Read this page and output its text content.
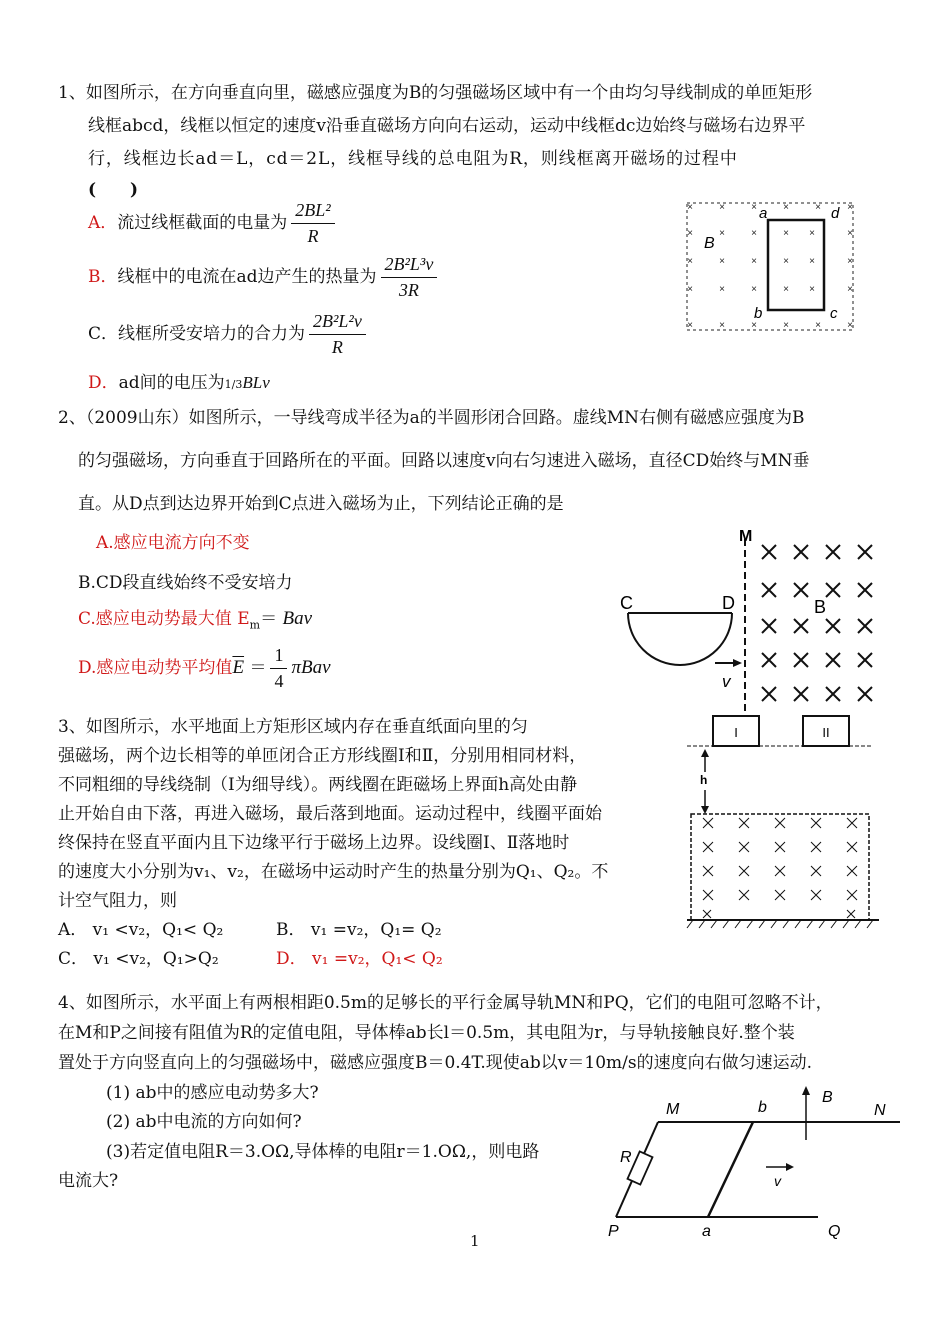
1、如图所示，在方向垂直向里，磁感应强度为B的匀强磁场区域中有一个由均匀导线制成的单匝矩形
线框abcd，线框以恒定的速度v沿垂直磁场方向向右运动，运动中线框dc边始终与磁场右边界平
行，线框边长ad＝L，cd＝2L，线框导线的总电阻为R，则线框离开磁场的过程中
(　　)
A．流过线框截面的电量为 $\frac{\text{2BL²}}{R}$
B．线框中的电流在ad边产生的热量为 $\frac{\text{2B²L³v}}{3R}$
C．线框所受安培力的合力为 $\frac{\text{2B²L²v}}{R}$
D．ad间的电压为1/3BLv
×	×	×	×	×	×
×	×	×	× ×	×
×	×	×	× ×	×
×	×	×	× ×	×
×	×	×	×	×	×
a	d
b	c
B
2、（2009山东）如图所示，一导线弯成半径为a的半圆形闭合回路。虚线MN右侧有磁感应强度为B
的匀强磁场，方向垂直于回路所在的平面。回路以速度v向右匀速进入磁场，直径CD始终与MN垂
直。从D点到达边界开始到C点进入磁场为止，下列结论正确的是
A.感应电流方向不变
B.CD段直线始终不受安培力
C.感应电动势最大值 $E_m=$ Bav
D.感应电动势平均值$\overline{E} = \frac{1}{4}$ πBav
M
C	D
v
B
3、如图所示，水平地面上方矩形区域内存在垂直纸面向里的匀
强磁场，两个边长相等的单匝闭合正方形线圈Ⅰ和Ⅱ，分别用相同材料，
不同粗细的导线绕制（Ⅰ为细导线）。两线圈在距磁场上界面h高处由静
止开始自由下落，再进入磁场，最后落到地面。运动过程中，线圈平面始
终保持在竖直平面内且下边缘平行于磁场上边界。设线圈Ⅰ、Ⅱ落地时
的速度大小分别为v₁、v₂，在磁场中运动时产生的热量分别为Q₁、Q₂。不
计空气阻力，则
A． v₁ <v₂，Q₁< Q₂	B． v₁ =v₂，Q₁= Q₂
C． v₁ <v₂，Q₁>Q₂	D． v₁ =v₂，Q₁< Q₂
I	II
h
4、如图所示，水平面上有两根相距0.5m的足够长的平行金属导轨MN和PQ，它们的电阻可忽略不计，
在M和P之间接有阻值为R的定值电阻，导体棒ab长l＝0.5m，其电阻为r，与导轨接触良好.整个装
置处于方向竖直向上的匀强磁场中，磁感应强度B＝0.4T.现使ab以v＝10m/s的速度向右做匀速运动.
(1) ab中的感应电动势多大?
(2) ab中电流的方向如何?
(3)若定值电阻R＝3.OΩ,导体棒的电阻r＝1.OΩ,，则电路
电流大?
M	b
B
N
R
v
P	a	Q
1
